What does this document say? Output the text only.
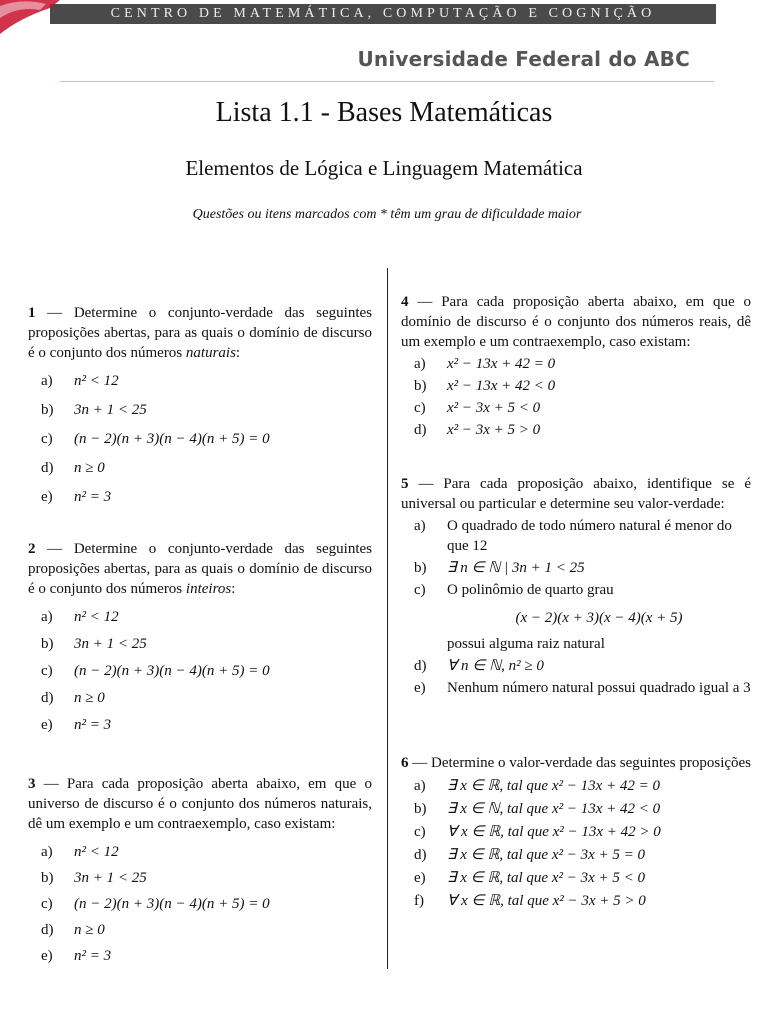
CENTRO DE MATEMÁTICA, COMPUTAÇÃO E COGNIÇÃO
Universidade Federal do ABC
Lista 1.1 - Bases Matemáticas
Elementos de Lógica e Linguagem Matemática
Questões ou itens marcados com * têm um grau de dificuldade maior
1 — Determine o conjunto-verdade das seguintes proposições abertas, para as quais o domínio de discurso é o conjunto dos números naturais:
a) n² < 12
b) 3n + 1 < 25
c) (n − 2)(n + 3)(n − 4)(n + 5) = 0
d) n ≥ 0
e) n² = 3
2 — Determine o conjunto-verdade das seguintes proposições abertas, para as quais o domínio de discurso é o conjunto dos números inteiros:
a) n² < 12
b) 3n + 1 < 25
c) (n − 2)(n + 3)(n − 4)(n + 5) = 0
d) n ≥ 0
e) n² = 3
3 — Para cada proposição aberta abaixo, em que o universo de discurso é o conjunto dos números naturais, dê um exemplo e um contraexemplo, caso existam:
a) n² < 12
b) 3n + 1 < 25
c) (n − 2)(n + 3)(n − 4)(n + 5) = 0
d) n ≥ 0
e) n² = 3
4 — Para cada proposição aberta abaixo, em que o domínio de discurso é o conjunto dos números reais, dê um exemplo e um contraexemplo, caso existam:
a) x² − 13x + 42 = 0
b) x² − 13x + 42 < 0
c) x² − 3x + 5 < 0
d) x² − 3x + 5 > 0
5 — Para cada proposição abaixo, identifique se é universal ou particular e determine seu valor-verdade:
a) O quadrado de todo número natural é menor do que 12
b) ∃ n ∈ ℕ | 3n + 1 < 25
c) O polinômio de quarto grau
(x − 2)(x + 3)(x − 4)(x + 5)
possui alguma raiz natural
d) ∀ n ∈ ℕ, n² ≥ 0
e) Nenhum número natural possui quadrado igual a 3
6 — Determine o valor-verdade das seguintes proposições
a) ∃ x ∈ ℝ, tal que x² − 13x + 42 = 0
b) ∃ x ∈ ℕ, tal que x² − 13x + 42 < 0
c) ∀ x ∈ ℝ, tal que x² − 13x + 42 > 0
d) ∃ x ∈ ℝ, tal que x² − 3x + 5 = 0
e) ∃ x ∈ ℝ, tal que x² − 3x + 5 < 0
f) ∀ x ∈ ℝ, tal que x² − 3x + 5 > 0
